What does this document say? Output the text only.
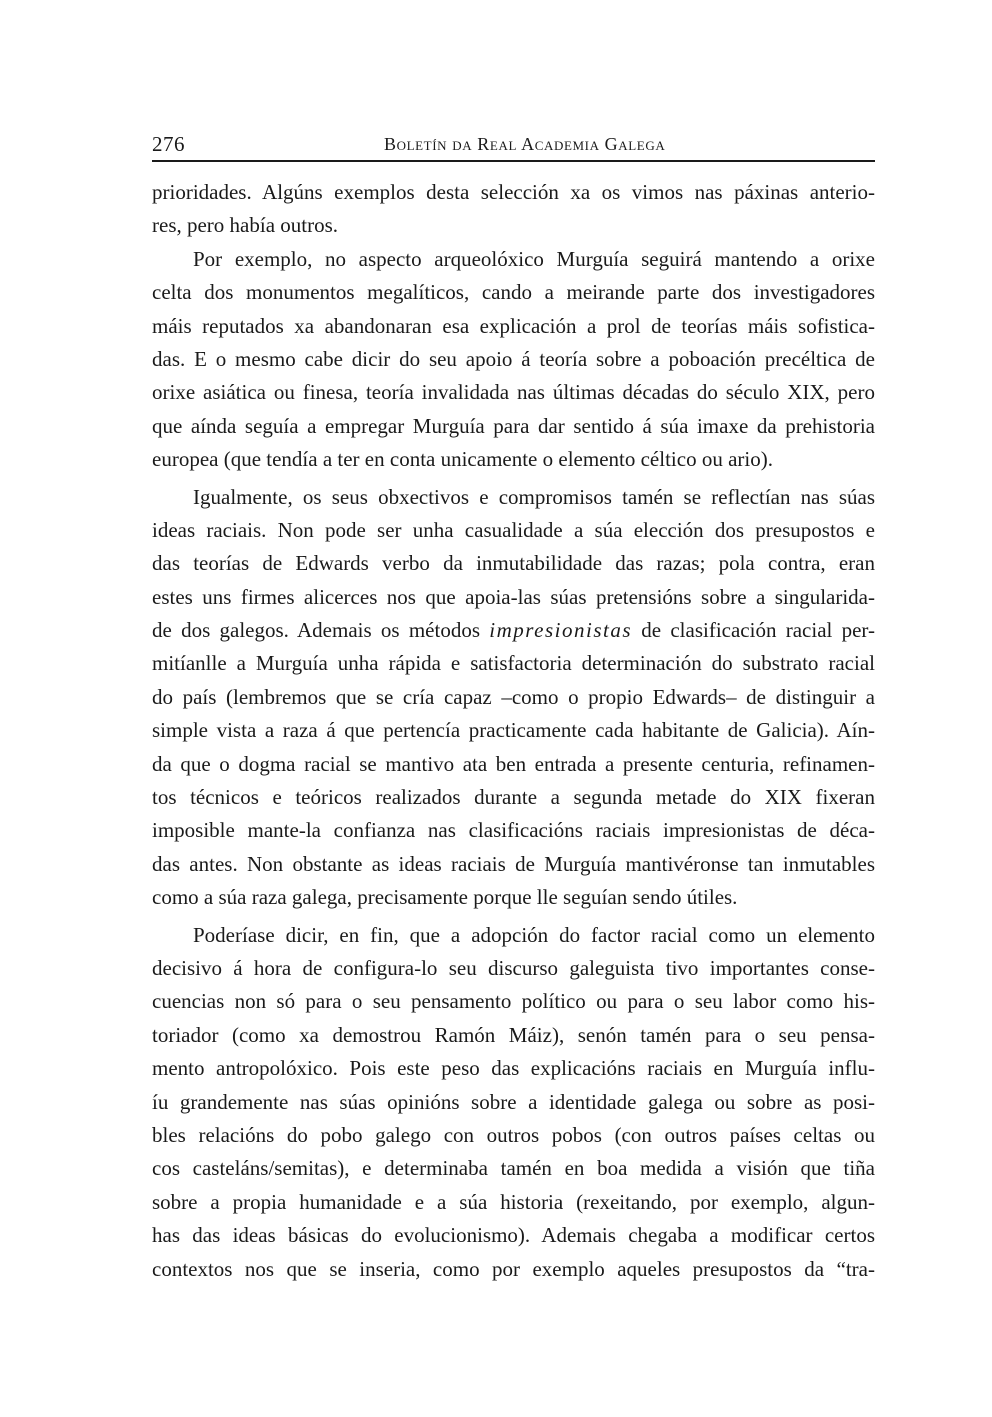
276	Boletín da Real Academia Galega
prioridades. Algúns exemplos desta selección xa os vimos nas páxinas anterio-
res, pero había outros.
Por exemplo, no aspecto arqueolóxico Murguía seguirá mantendo a orixe
celta dos monumentos megalíticos, cando a meirande parte dos investigadores
máis reputados xa abandonaran esa explicación a prol de teorías máis sofistica-
das. E o mesmo cabe dicir do seu apoio á teoría sobre a poboación precéltica de
orixe asiática ou finesa, teoría invalidada nas últimas décadas do século XIX, pero
que aínda seguía a empregar Murguía para dar sentido á súa imaxe da prehistoria
europea (que tendía a ter en conta unicamente o elemento céltico ou ario).
Igualmente, os seus obxectivos e compromisos tamén se reflectían nas súas
ideas raciais. Non pode ser unha casualidade a súa elección dos presupostos e
das teorías de Edwards verbo da inmutabilidade das razas; pola contra, eran
estes uns firmes alicerces nos que apoia-las súas pretensións sobre a singularida-
de dos galegos. Ademais os métodos impresionistas de clasificación racial per-
mitíanlle a Murguía unha rápida e satisfactoria determinación do substrato racial
do país (lembremos que se cría capaz –como o propio Edwards– de distinguir a
simple vista a raza á que pertencía practicamente cada habitante de Galicia). Aín-
da que o dogma racial se mantivo ata ben entrada a presente centuria, refinamen-
tos técnicos e teóricos realizados durante a segunda metade do XIX fixeran
imposible mante-la confianza nas clasificacións raciais impresionistas de déca-
das antes. Non obstante as ideas raciais de Murguía mantivéronse tan inmutables
como a súa raza galega, precisamente porque lle seguían sendo útiles.
Poderíase dicir, en fin, que a adopción do factor racial como un elemento
decisivo á hora de configura-lo seu discurso galeguista tivo importantes conse-
cuencias non só para o seu pensamento político ou para o seu labor como his-
toriador (como xa demostrou Ramón Máiz), senón tamén para o seu pensa-
mento antropolóxico. Pois este peso das explicacións raciais en Murguía influ-
íu grandemente nas súas opinións sobre a identidade galega ou sobre as posi-
bles relacións do pobo galego con outros pobos (con outros países celtas ou
cos casteláns/semitas), e determinaba tamén en boa medida a visión que tiña
sobre a propia humanidade e a súa historia (rexeitando, por exemplo, algun-
has das ideas básicas do evolucionismo). Ademais chegaba a modificar certos
contextos nos que se inseria, como por exemplo aqueles presupostos da “tra-
